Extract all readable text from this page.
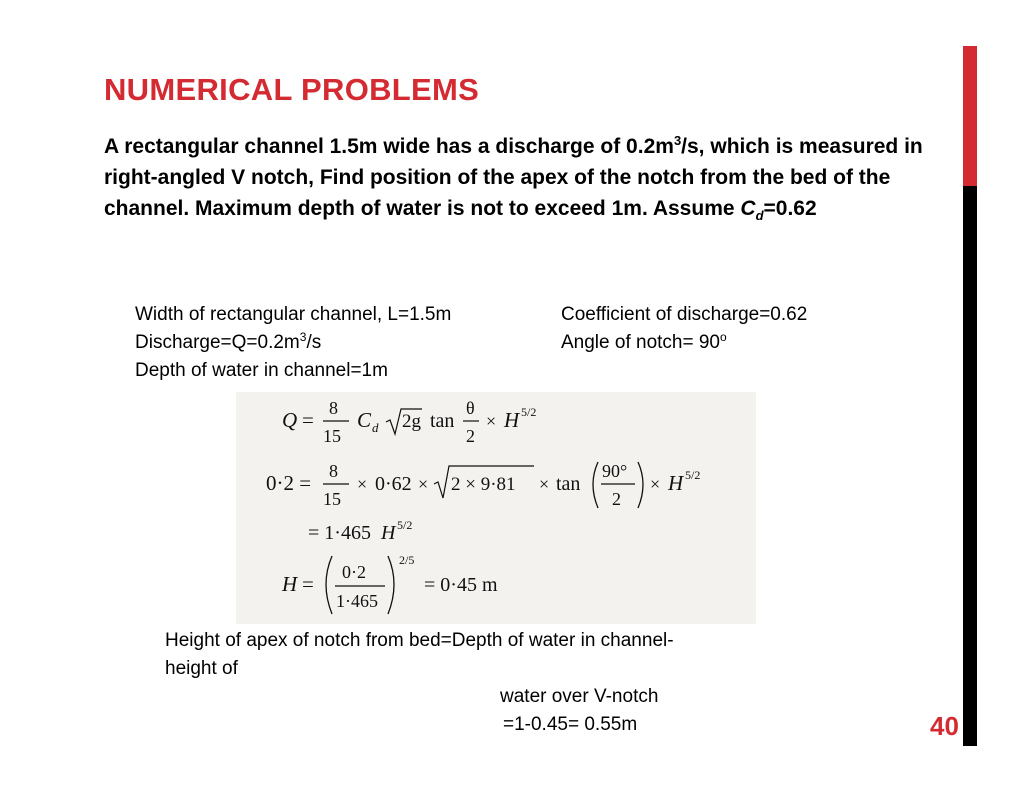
NUMERICAL PROBLEMS
A rectangular channel 1.5m wide has a discharge of $0.2m^3/s$, which is measured in right-angled V notch, Find position of the apex of the notch from the bed of the channel. Maximum depth of water is not to exceed 1m. Assume $C_d=0.62$
Width of rectangular channel, L=1.5m
$Discharge=Q=0.2m^3/s$
Depth of water in channel=1m
Coefficient of discharge=0.62
Angle of notch= $90^o$
Q = 8
15
C d 2g tan
θ
2
× H 5/2
0·2 = 8
15
× 0·62 × 2 × 9·81 × tan
90°
2
× H 5/2
= 1·465 H 5/2
H = 0·2
1·465
2/5
= 0·45 m
Height of apex of notch from bed=Depth of water in channel-
height of
water over V-notch
=1-0.45= 0.55m	40
